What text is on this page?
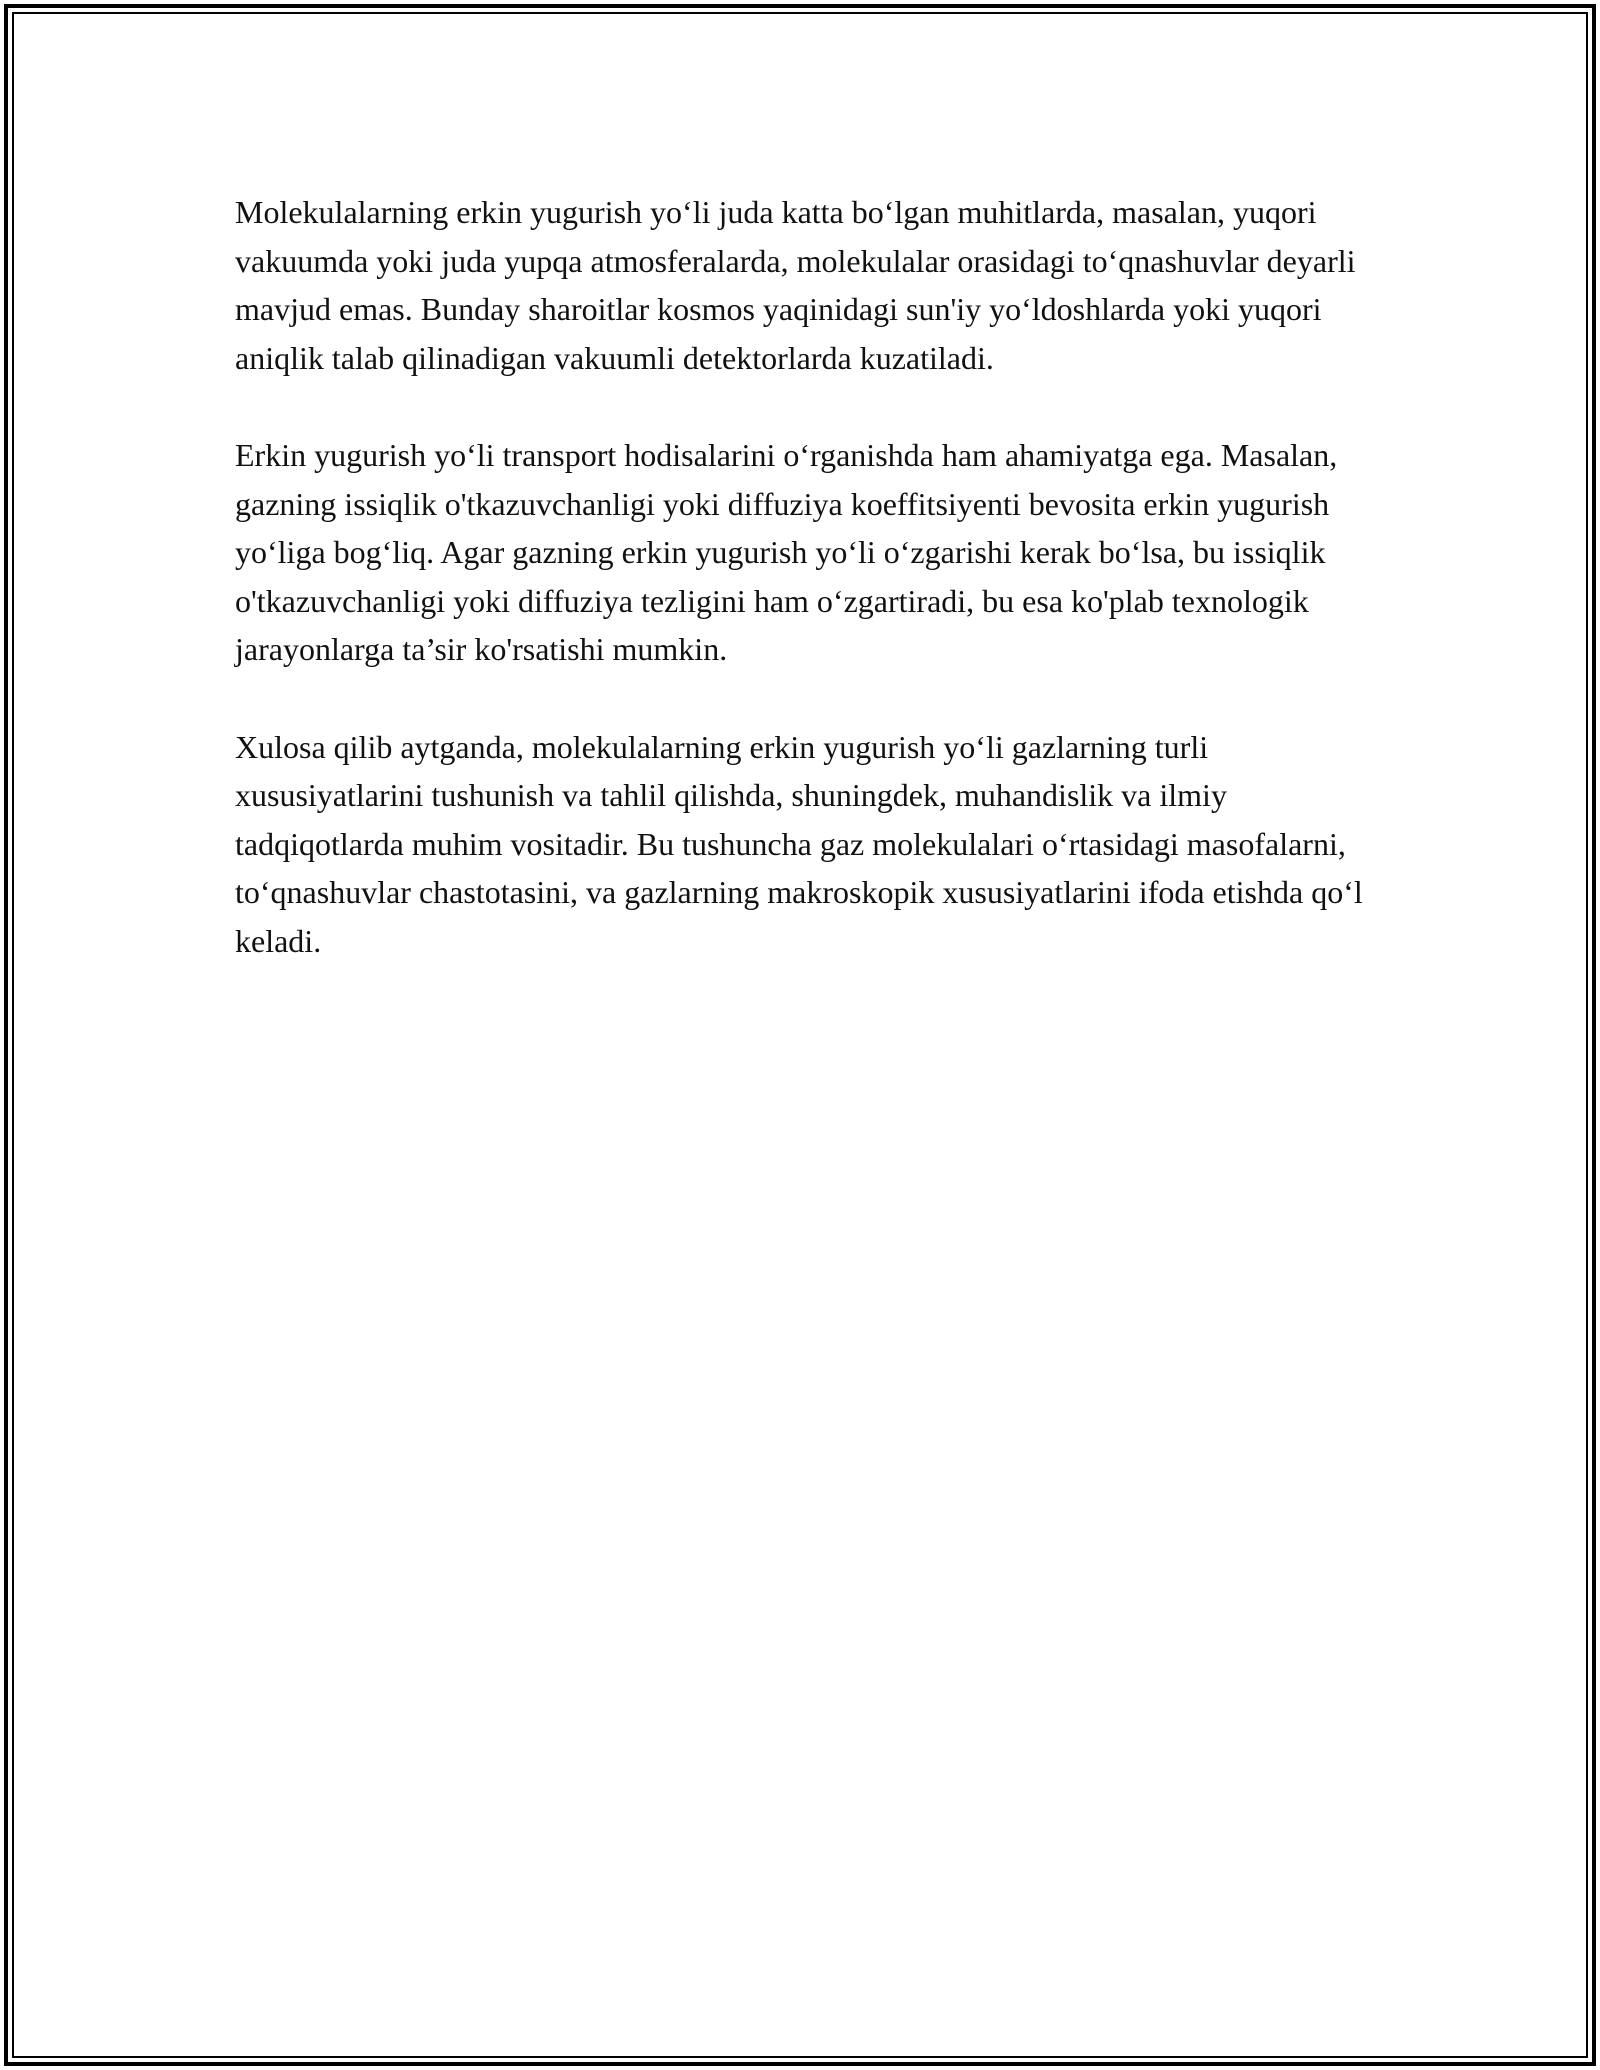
Molekulalarning erkin yugurish yo‘li juda katta bo‘lgan muhitlarda, masalan, yuqori vakuumda yoki juda yupqa atmosferalarda, molekulalar orasidagi to‘qnashuvlar deyarli mavjud emas. Bunday sharoitlar kosmos yaqinidagi sun'iy yo‘ldoshlarda yoki yuqori aniqlik talab qilinadigan vakuumli detektorlarda kuzatiladi.

Erkin yugurish yo‘li transport hodisalarini o‘rganishda ham ahamiyatga ega. Masalan, gazning issiqlik o'tkazuvchanligi yoki diffuziya koeffitsiyenti bevosita erkin yugurish yo‘liga bog‘liq. Agar gazning erkin yugurish yo‘li o‘zgarishi kerak bo‘lsa, bu issiqlik o'tkazuvchanligi yoki diffuziya tezligini ham o‘zgartiradi, bu esa ko'plab texnologik jarayonlarga ta’sir ko'rsatishi mumkin.

Xulosa qilib aytganda, molekulalarning erkin yugurish yo‘li gazlarning turli xususiyatlarini tushunish va tahlil qilishda, shuningdek, muhandislik va ilmiy tadqiqotlarda muhim vositadir. Bu tushuncha gaz molekulalari o‘rtasidagi masofalarni, to‘qnashuvlar chastotasini, va gazlarning makroskopik xususiyatlarini ifoda etishda qo‘l keladi.
